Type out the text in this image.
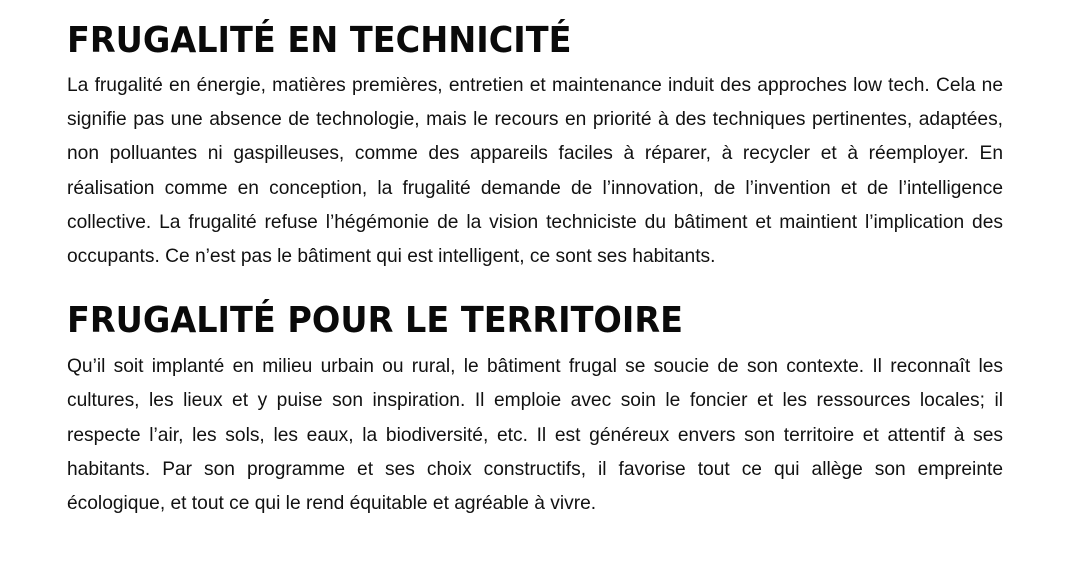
FRUGALITÉ EN TECHNICITÉ

La frugalité en énergie, matières premières, entretien et maintenance induit des approches low tech. Cela ne signifie pas une absence de technologie, mais le recours en priorité à des techniques pertinentes, adaptées, non polluantes ni gaspilleuses, comme des appareils faciles à réparer, à recycler et à réemployer. En réalisation comme en conception, la frugalité demande de l’innovation, de l’invention et de l’intelligence collective. La frugalité refuse l’hégémonie de la vision techniciste du bâtiment et maintient l’implication des occupants. Ce n’est pas le bâtiment qui est intelligent, ce sont ses habitants.

FRUGALITÉ POUR LE TERRITOIRE

Qu’il soit implanté en milieu urbain ou rural, le bâtiment frugal se soucie de son contexte. Il reconnaît les cultures, les lieux et y puise son inspiration. Il emploie avec soin le foncier et les ressources locales; il respecte l’air, les sols, les eaux, la biodiversité, etc. Il est généreux envers son territoire et attentif à ses habitants. Par son programme et ses choix constructifs, il favorise tout ce qui allège son empreinte écologique, et tout ce qui le rend équitable et agréable à vivre.
